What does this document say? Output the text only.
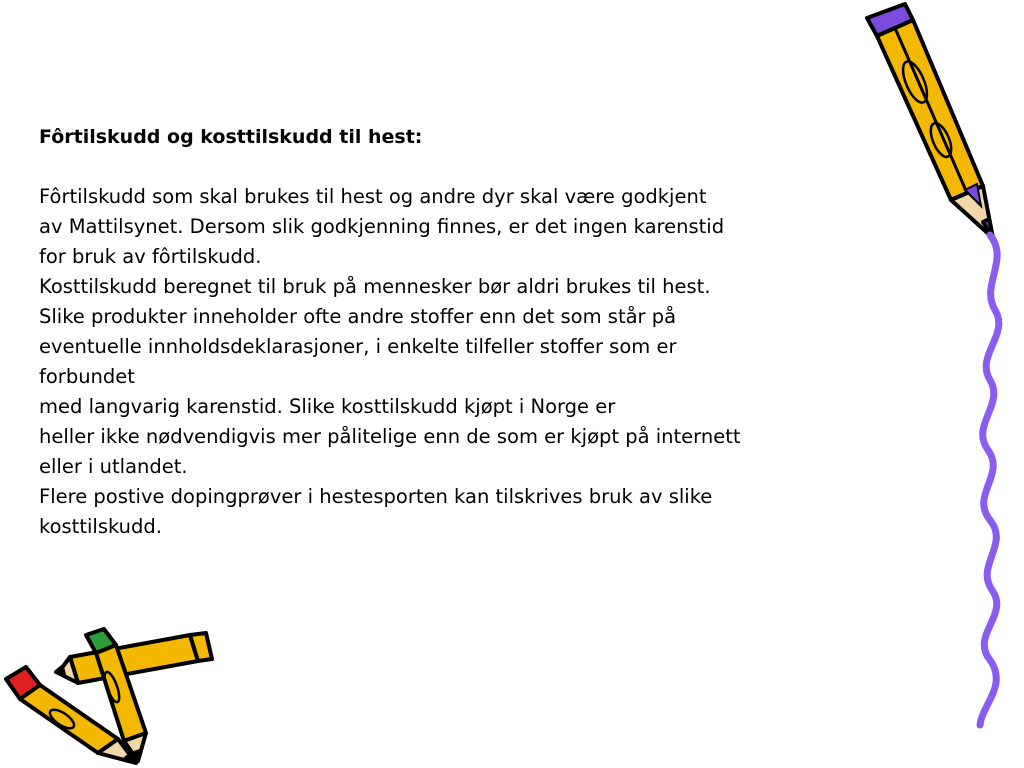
Fôrtilskudd og kosttilskudd til hest:

Fôrtilskudd som skal brukes til hest og andre dyr skal være godkjent

av Mattilsynet. Dersom slik godkjenning finnes, er det ingen karenstid

for bruk av fôrtilskudd.

Kosttilskudd beregnet til bruk på mennesker bør aldri brukes til hest.

Slike produkter inneholder ofte andre stoffer enn det som står på

eventuelle innholdsdeklarasjoner, i enkelte tilfeller stoffer som er

forbundet

med langvarig karenstid. Slike kosttilskudd kjøpt i Norge er

heller ikke nødvendigvis mer pålitelige enn de som er kjøpt på internett

eller i utlandet.

Flere postive dopingprøver i hestesporten kan tilskrives bruk av slike

kosttilskudd.
